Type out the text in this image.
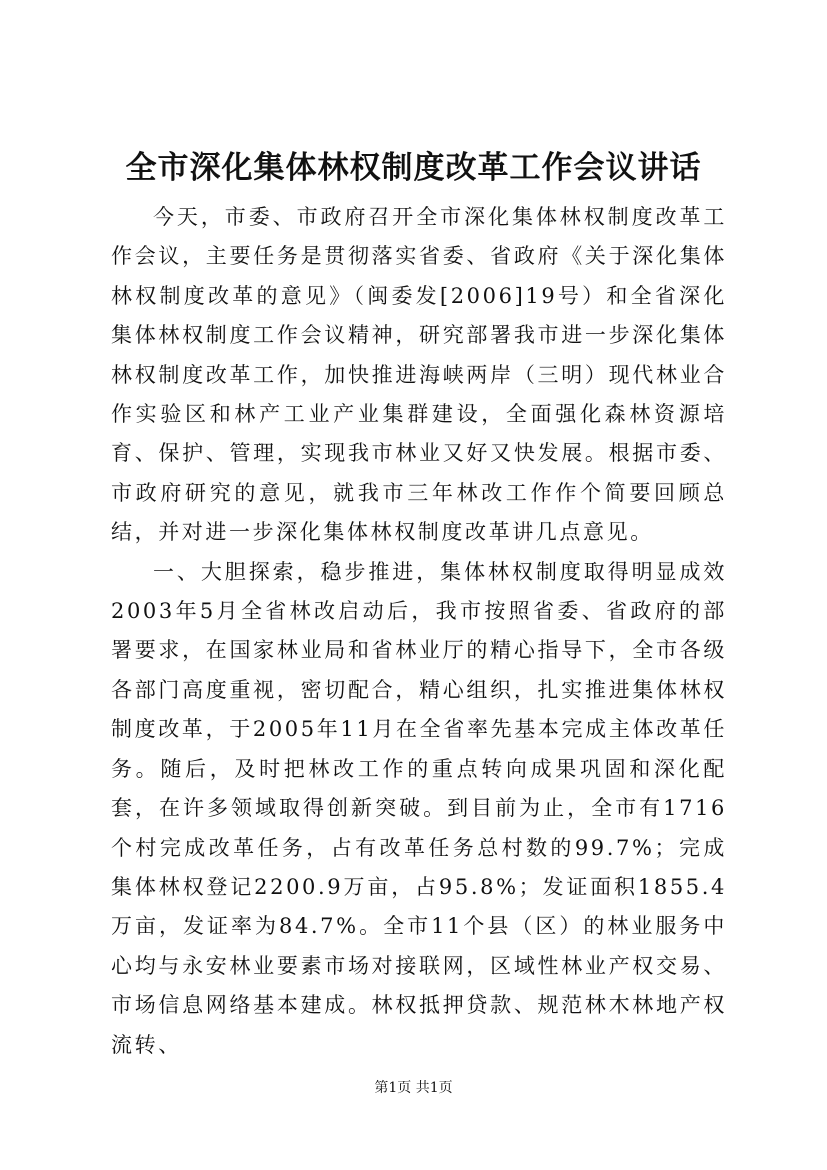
全市深化集体林权制度改革工作会议讲话

今天，市委、市政府召开全市深化集体林权制度改革工作会议，主要任务是贯彻落实省委、省政府《关于深化集体林权制度改革的意见》（闽委发[2006]19号）和全省深化集体林权制度工作会议精神，研究部署我市进一步深化集体林权制度改革工作，加快推进海峡两岸（三明）现代林业合作实验区和林产工业产业集群建设，全面强化森林资源培育、保护、管理，实现我市林业又好又快发展。根据市委、市政府研究的意见，就我市三年林改工作作个简要回顾总结，并对进一步深化集体林权制度改革讲几点意见。

一、大胆探索，稳步推进，集体林权制度取得明显成效 2003年5月全省林改启动后，我市按照省委、省政府的部署要求，在国家林业局和省林业厅的精心指导下，全市各级各部门高度重视，密切配合，精心组织，扎实推进集体林权制度改革，于2005年11月在全省率先基本完成主体改革任务。随后，及时把林改工作的重点转向成果巩固和深化配套，在许多领域取得创新突破。到目前为止，全市有1716个村完成改革任务，占有改革任务总村数的99.7%；完成集体林权登记2200.9万亩，占95.8%；发证面积1855.4万亩，发证率为84.7%。全市11个县（区）的林业服务中心均与永安林业要素市场对接联网，区域性林业产权交易、市场信息网络基本建成。林权抵押贷款、规范林木林地产权流转、

第1页 共1页
